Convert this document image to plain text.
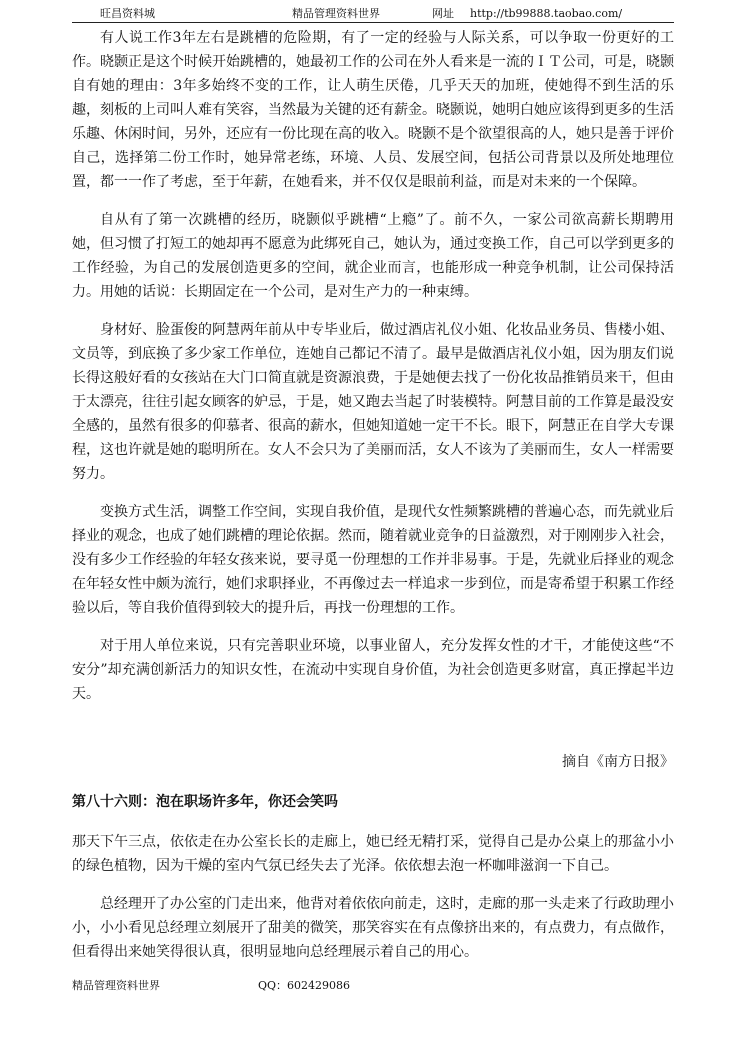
旺昌资料城	精品管理资料世界	网址 http://tb99888.taobao.com/

有人说工作3年左右是跳槽的危险期，有了一定的经验与人际关系，可以争取一份更好的工作。晓颢正是这个时候开始跳槽的，她最初工作的公司在外人看来是一流的ＩＴ公司，可是，晓颢自有她的理由：3年多始终不变的工作，让人萌生厌倦，几乎天天的加班，使她得不到生活的乐趣，刻板的上司叫人难有笑容，当然最为关键的还有薪金。晓颢说，她明白她应该得到更多的生活乐趣、休闲时间，另外，还应有一份比现在高的收入。晓颢不是个欲望很高的人，她只是善于评价自己，选择第二份工作时，她异常老练，环境、人员、发展空间，包括公司背景以及所处地理位置，都一一作了考虑，至于年薪，在她看来，并不仅仅是眼前利益，而是对未来的一个保障。

自从有了第一次跳槽的经历，晓颢似乎跳槽“上瘾”了。前不久，一家公司欲高薪长期聘用她，但习惯了打短工的她却再不愿意为此绑死自己，她认为，通过变换工作，自己可以学到更多的工作经验，为自己的发展创造更多的空间，就企业而言，也能形成一种竞争机制，让公司保持活力。用她的话说：长期固定在一个公司，是对生产力的一种束缚。

身材好、脸蛋俊的阿慧两年前从中专毕业后，做过酒店礼仪小姐、化妆品业务员、售楼小姐、文员等，到底换了多少家工作单位，连她自己都记不清了。最早是做酒店礼仪小姐，因为朋友们说长得这般好看的女孩站在大门口简直就是资源浪费，于是她便去找了一份化妆品推销员来干，但由于太漂亮，往往引起女顾客的妒忌，于是，她又跑去当起了时装模特。阿慧目前的工作算是最没安全感的，虽然有很多的仰慕者、很高的薪水，但她知道她一定干不长。眼下，阿慧正在自学大专课程，这也许就是她的聪明所在。女人不会只为了美丽而活，女人不该为了美丽而生，女人一样需要努力。

变换方式生活，调整工作空间，实现自我价值，是现代女性频繁跳槽的普遍心态，而先就业后择业的观念，也成了她们跳槽的理论依据。然而，随着就业竞争的日益激烈，对于刚刚步入社会，没有多少工作经验的年轻女孩来说，要寻觅一份理想的工作并非易事。于是，先就业后择业的观念在年轻女性中颇为流行，她们求职择业，不再像过去一样追求一步到位，而是寄希望于积累工作经验以后，等自我价值得到较大的提升后，再找一份理想的工作。

对于用人单位来说，只有完善职业环境，以事业留人，充分发挥女性的才干，才能使这些“不安分”却充满创新活力的知识女性，在流动中实现自身价值，为社会创造更多财富，真正撑起半边天。

摘自《南方日报》

第八十六则：泡在职场许多年，你还会笑吗

那天下午三点，依依走在办公室长长的走廊上，她已经无精打采，觉得自己是办公桌上的那盆小小的绿色植物，因为干燥的室内气氛已经失去了光泽。依依想去泡一杯咖啡滋润一下自己。

总经理开了办公室的门走出来，他背对着依依向前走，这时，走廊的那一头走来了行政助理小小，小小看见总经理立刻展开了甜美的微笑，那笑容实在有点像挤出来的，有点费力，有点做作，但看得出来她笑得很认真，很明显地向总经理展示着自己的用心。

精品管理资料世界	QQ：602429086
